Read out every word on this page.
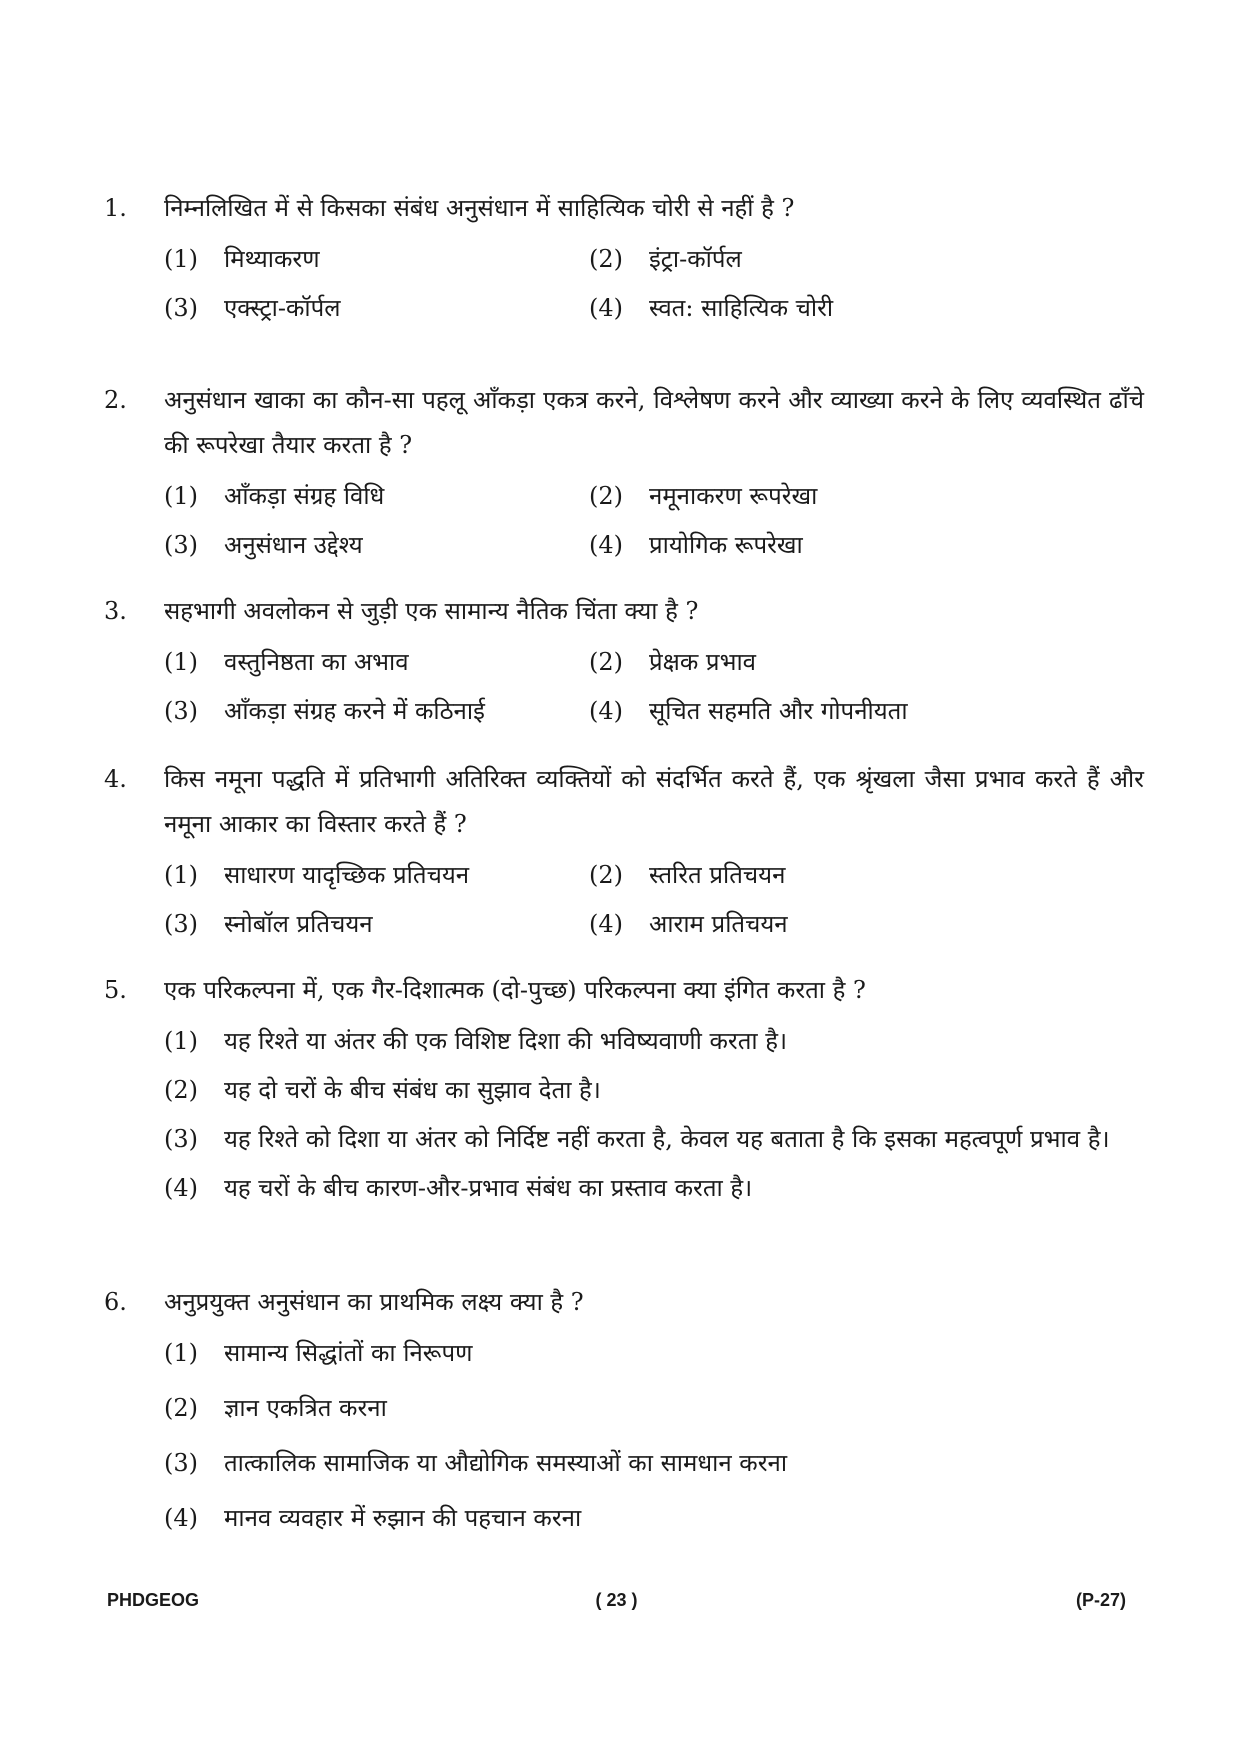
1.	निम्नलिखित में से किसका संबंध अनुसंधान में साहित्यिक चोरी से नहीं है ?
(1)	मिथ्याकरण	(2)	इंट्रा-कॉर्पल
(3)	एक्स्ट्रा-कॉर्पल	(4)	स्वत: साहित्यिक चोरी
2.	अनुसंधान खाका का कौन-सा पहलू आँकड़ा एकत्र करने, विश्लेषण करने और व्याख्या करने के लिए व्यवस्थित ढाँचे की रूपरेखा तैयार करता है ?
(1)	आँकड़ा संग्रह विधि	(2)	नमूनाकरण रूपरेखा
(3)	अनुसंधान उद्देश्य	(4)	प्रायोगिक रूपरेखा
3.	सहभागी अवलोकन से जुड़ी एक सामान्य नैतिक चिंता क्या है ?
(1)	वस्तुनिष्ठता का अभाव	(2)	प्रेक्षक प्रभाव
(3)	आँकड़ा संग्रह करने में कठिनाई	(4)	सूचित सहमति और गोपनीयता
4.	किस नमूना पद्धति में प्रतिभागी अतिरिक्त व्यक्तियों को संदर्भित करते हैं, एक श्रृंखला जैसा प्रभाव करते हैं और नमूना आकार का विस्तार करते हैं ?
(1)	साधारण यादृच्छिक प्रतिचयन	(2)	स्तरित प्रतिचयन
(3)	स्नोबॉल प्रतिचयन	(4)	आराम प्रतिचयन
5.	एक परिकल्पना में, एक गैर-दिशात्मक (दो-पुच्छ) परिकल्पना क्या इंगित करता है ?
(1)	यह रिश्ते या अंतर की एक विशिष्ट दिशा की भविष्यवाणी करता है।
(2)	यह दो चरों के बीच संबंध का सुझाव देता है।
(3)	यह रिश्ते को दिशा या अंतर को निर्दिष्ट नहीं करता है, केवल यह बताता है कि इसका महत्वपूर्ण प्रभाव है।
(4)	यह चरों के बीच कारण-और-प्रभाव संबंध का प्रस्ताव करता है।
6.	अनुप्रयुक्त अनुसंधान का प्राथमिक लक्ष्य क्या है ?
(1)	सामान्य सिद्धांतों का निरूपण
(2)	ज्ञान एकत्रित करना
(3)	तात्कालिक सामाजिक या औद्योगिक समस्याओं का सामधान करना
(4)	मानव व्यवहार में रुझान की पहचान करना
PHDGEOG	( 23 )	(P-27)
